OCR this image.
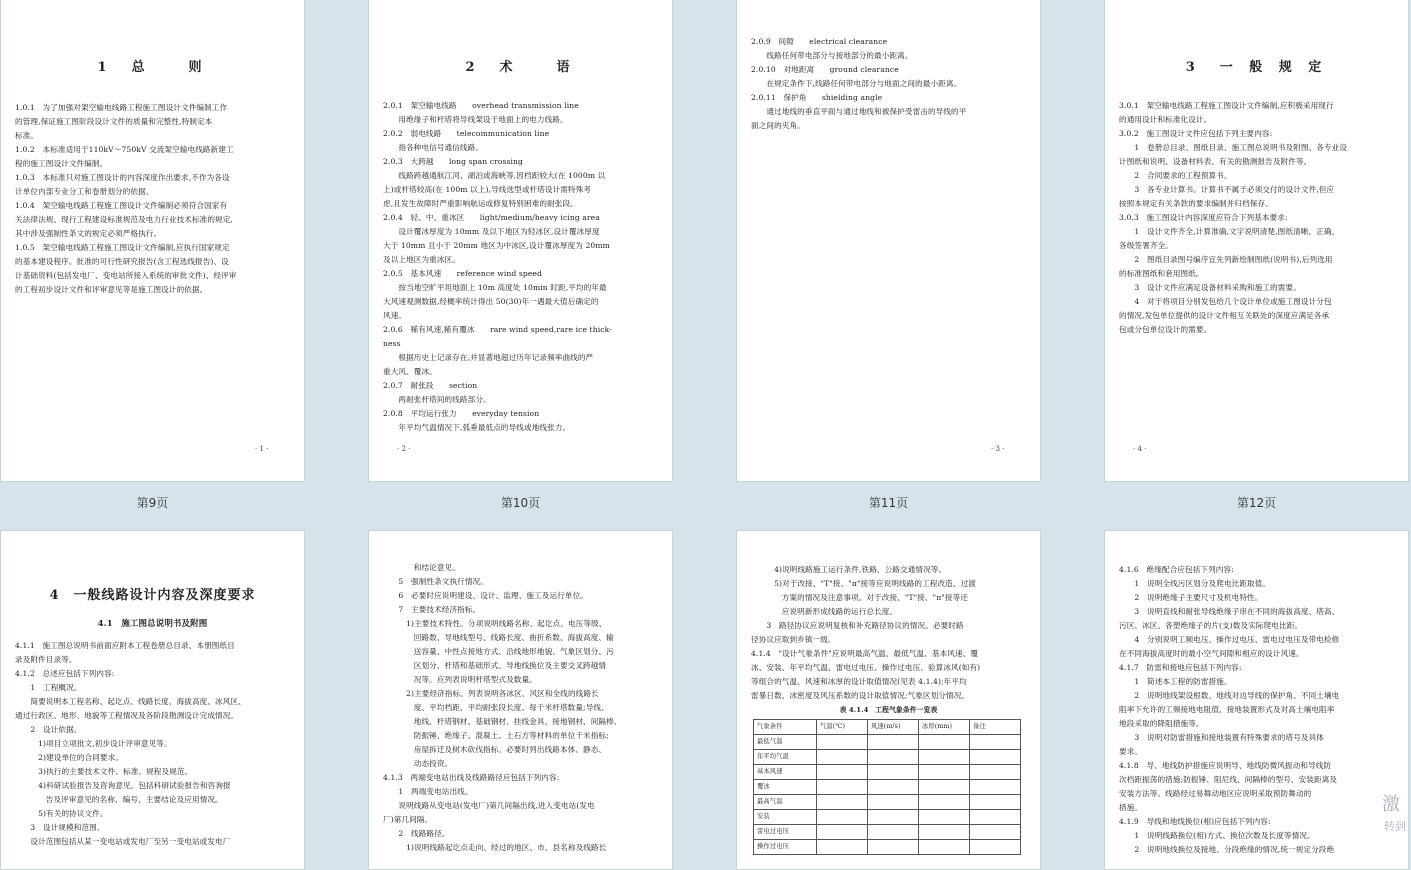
1　总　　则

1.0.1　为了加强对架空输电线路工程施工图设计文件编制工作

的管理,保证施工图阶段设计文件的质量和完整性,特制定本

标准。

1.0.2　本标准适用于110kV～750kV 交流架空输电线路新建工

程的施工图设计文件编制。

1.0.3　本标准只对施工图设计的内容深度作出要求,不作为各设

计单位内部专业分工和卷册划分的依据。

1.0.4　架空输电线路工程施工图设计文件编制必须符合国家有

关法律法规、现行工程建设标准规范及电力行业技术标准的规定,

其中涉及强制性条文的规定必须严格执行。

1.0.5　架空输电线路工程施工图设计文件编制,应执行国家规定

的基本建设程序。批准的可行性研究报告(含工程选线报告)、设

计基础资料(包括发电厂、变电站所接入系统的审批文件)、经评审

的工程初步设计文件和评审意见等是施工图设计的依据。

· 1 ·
第9页

2　术　　语

2.0.1　架空输电线路　　overhead transmission line

　　用绝缘子和杆塔将导线架设于地面上的电力线路。

2.0.2　弱电线路　　telecommunication line

　　指各种电信号通信线路。

2.0.3　大跨越　　long span crossing

　　线路跨越通航江河、湖泊或海峡等,因档距较大(在 1000m 以

上)或杆塔较高(在 100m 以上),导线选型或杆塔设计需特殊考

虑,且发生故障时严重影响航运或修复特别困难的耐张段。

2.0.4　轻、中、重冰区　　light/medium/heavy icing area

　　设计覆冰厚度为 10mm 及以下地区为轻冰区,设计覆冰厚度

大于 10mm 且小于 20mm 地区为中冰区,设计覆冰厚度为 20mm

及以上地区为重冰区。

2.0.5　基本风速　　reference wind speed

　　按当地空旷平坦地面上 10m 高度处 10min 时距,平均的年最

大风速观测数据,经概率统计得出 50(30)年一遇最大值后确定的

风速。

2.0.6　稀有风速,稀有覆冰　　rare wind speed,rare ice thick-

ness

　　根据历史上记录存在,并显著地超过历年记录频率曲线的严

重大风、覆冰。

2.0.7　耐张段　　section

　　两耐张杆塔间的线路部分。

2.0.8　平均运行张力　　everyday tension

　　年平均气温情况下,弧垂最低点的导线或地线张力。

· 2 ·
第10页

2.0.9　间隙　　electrical clearance

　　线路任何带电部分与接地部分的最小距离。

2.0.10　对地距离　　ground clearance

　　在规定条件下,线路任何带电部分与地面之间的最小距离。

2.0.11　保护角　　shielding angle

　　通过地线的垂直平面与通过地线和被保护受雷击的导线的平

面之间的夹角。

· 3 ·
第11页

3　一 般 规 定

3.0.1　架空输电线路工程施工图设计文件编制,应积极采用现行

的通用设计和标准化设计。

3.0.2　施工图设计文件应包括下列主要内容:

　　1　卷册总目录、图纸目录、施工图总说明书及附图、各专业设

计图纸和说明、设备材料表、有关的勘测报告及附件等。

　　2　合同要求的工程预算书。

　　3　各专业计算书。计算书不属于必须交付的设计文件,但应

按照本规定有关条款的要求编制并归档保存。

3.0.3　施工图设计内容深度应符合下列基本要求:

　　1　设计文件齐全,计算准确,文字说明清楚,图纸清晰、正确、

各级签署齐全。

　　2　图纸目录图号编序宜先列新绘制图纸(说明书),后列选用

的标准图纸和套用图纸。

　　3　设计文件应满足设备材料采购和施工的需要。

　　4　对于将项目分别发包给几个设计单位或施工图设计分包

的情况,发包单位提供的设计文件相互关联处的深度应满足各承

包或分包单位设计的需要。

· 4 ·
第12页

4　一般线路设计内容及深度要求

4.1　施工图总说明书及附图

4.1.1　施工图总说明书前面应附本工程卷册总目录、本册图纸目

录及附件目录等。

4.1.2　总述应包括下列内容:

　　1　工程概况。

　　简要说明本工程名称、起讫点、线路长度、海拔高度、冰风区、

通过行政区、地形、地貌等工程情况及各阶段勘测设计完成情况。

　　2　设计依据。

　　　1)项目立项批文,初步设计评审意见等。

　　　2)建设单位的合同要求。

　　　3)执行的主要技术文件、标准、规程及规范。

　　　4)科研试验报告及咨询意见。包括科研试验报告和咨询报

　　　　告及评审意见的名称、编号、主要结论及应用情况。

　　　5)有关的协议文件。

　　3　设计规模和范围。

　　设计范围包括从某一变电站或发电厂至另一变电站或发电厂

　　　　和结论意见。

　　5　强制性条文执行情况。

　　6　必要时应说明建设、设计、监理、施工及运行单位。

　　7　主要技术经济指标。

　　　1)主要技术特性。分项说明线路名称、起讫点、电压等级、

　　　　回路数、导地线型号、线路长度、曲折系数、海拔高度、输

　　　　送容量、中性点接地方式、沿线地形地貌、气象区划分、污

　　　　区划分、杆塔和基础形式、导地线换位及主要交叉跨越情

　　　　况等。应列表说明杆塔型式及数量。

　　　2)主要经济指标。列表说明各冰区、风区和全线的线路长

　　　　度、平均档距、平均耐张段长度、每千米杆塔数量;导线、

　　　　地线、杆塔钢材、基础钢材、挂线金具、接地钢材、间隔棒、

　　　　防振锤、绝缘子、混凝土、土石方等材料的单位千米指标;

　　　　房屋拆迁及树木砍伐指标。必要时列出线路本体、静态、

　　　　动态投资。

4.1.3　两端变电站出线及线路路径应包括下列内容:

　　1　两端变电站出线。

　　说明线路从变电站(发电厂)第几间隔出线,进入变电站(发电

厂)第几间隔。

　　2　线路路径。

　　　1)说明线路起讫点走向、经过的地区、市、县名称及线路长

　　　4)说明线路施工运行条件,铁路、公路交通情况等。

　　　5)对于改接、"T"接、"π"接等应说明线路的工程改造、过渡

　　　　方案的情况及注意事项。对于改接、"T"接、"π"接等还

　　　　应说明新形成线路的运行总长度。

　　3　路径协议应说明复核和补充路径协议的情况。必要时路

径协议应取到乡镇一级。

4.1.4　"设计气象条件"应说明最高气温、最低气温、基本风速、覆

冰、安装、年平均气温、雷电过电压、操作过电压、验算冰风(如有)

等组合的气温、风速和冰厚的设计取值情况(见表 4.1.4);年平均

雷暴日数、冰密度及风压系数的设计取值情况;气象区划分情况。

表 4.1.4　工程气象条件一览表
气象条件	气温(℃)	风速(m/s)	冰厚(mm)	备注
最低气温				
年平均气温				
基本风速				
覆冰				
最高气温				
安装				
雷电过电压				
操作过电压				

4.1.6　绝缘配合应包括下列内容:

　　1　说明全线污区划分及爬电比距取值。

　　2　说明绝缘子主要尺寸及机电特性。

　　3　说明直线和耐张导线绝缘子串在不同的海拔高度、塔高、

污区、冰区、各塑绝缘子的片(支)数及实际爬电比距。

　　4　分别说明工频电压、操作过电压、雷电过电压及带电检修

在不同海拔高度时的最小空气间隙和相应的设计风速。

4.1.7　防雷和接地应包括下列内容:

　　1　简述本工程的防雷措施。

　　2　说明地线架设根数、地线对边导线的保护角、不同土壤电

阻率下允许的工频接地电阻值、接地装置形式及对高土壤电阻率

地段采取的降阻措施等。

　　3　说明对防雷措施和接地装置有特殊要求的塔号及具体

要求。

4.1.8　导、地线防护措施应说明导、地线防微风振动和导线防

次档距振荡的措施;防振锤、阻尼线、间隔棒的型号、安装距离及

安装方法等。线路经过易舞动地区应说明采取预防舞动的

措施。

4.1.9　导线和地线换位(相)应包括下列内容:

　　1　说明线路换位(相)方式、换位次数及长度等情况。

　　2　说明地线换位及接地、分段绝缘的情况,统一规定分段绝

激
转到
